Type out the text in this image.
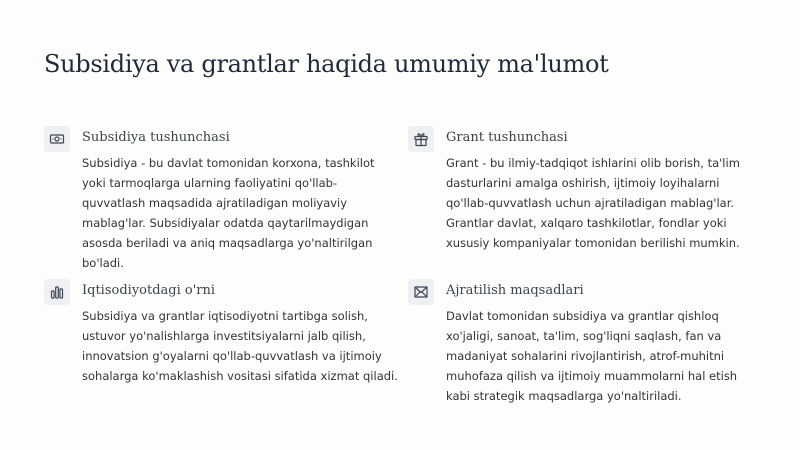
Subsidiya va grantlar haqida umumiy ma'lumot
Subsidiya tushunchasi

Subsidiya - bu davlat tomonidan korxona, tashkilot yoki tarmoqlarga ularning faoliyatini qo'llab-quvvatlash maqsadida ajratiladigan moliyaviy mablag'lar. Subsidiyalar odatda qaytarilmaydigan asosda beriladi va aniq maqsadlarga yo'naltirilgan bo'ladi.

Grant tushunchasi

Grant - bu ilmiy-tadqiqot ishlarini olib borish, ta'lim dasturlarini amalga oshirish, ijtimoiy loyihalarni qo'llab-quvvatlash uchun ajratiladigan mablag'lar. Grantlar davlat, xalqaro tashkilotlar, fondlar yoki xususiy kompaniyalar tomonidan berilishi mumkin.

Iqtisodiyotdagi o'rni

Subsidiya va grantlar iqtisodiyotni tartibga solish, ustuvor yo'nalishlarga investitsiyalarni jalb qilish, innovatsion g'oyalarni qo'llab-quvvatlash va ijtimoiy sohalarga ko'maklashish vositasi sifatida xizmat qiladi.

Ajratilish maqsadlari

Davlat tomonidan subsidiya va grantlar qishloq xo'jaligi, sanoat, ta'lim, sog'liqni saqlash, fan va madaniyat sohalarini rivojlantirish, atrof-muhitni muhofaza qilish va ijtimoiy muammolarni hal etish kabi strategik maqsadlarga yo'naltiriladi.
